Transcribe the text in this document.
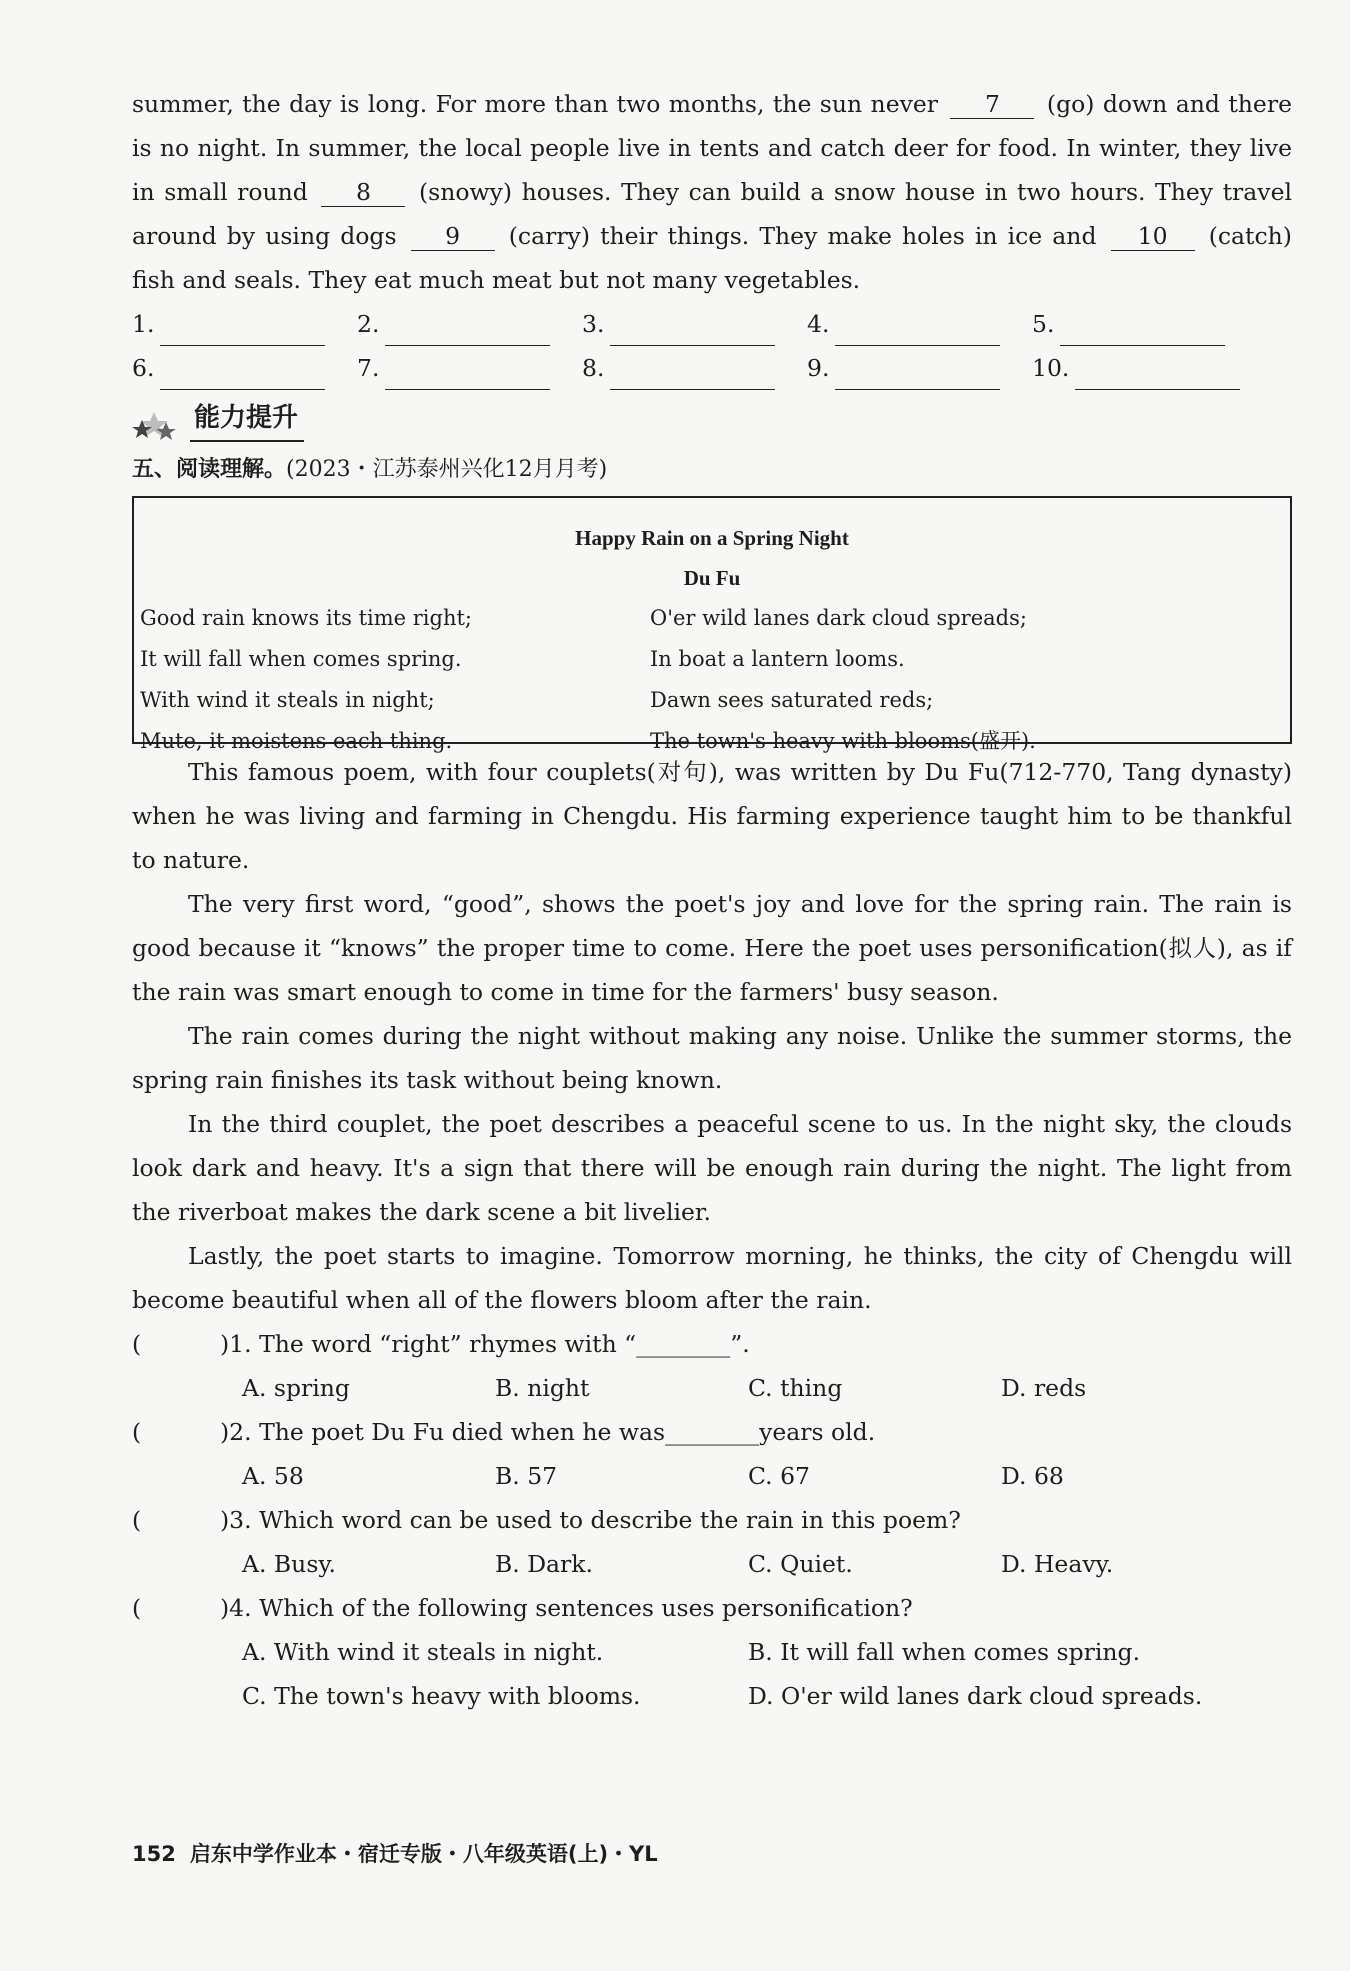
summer, the day is long. For more than two months, the sun never 7 (go) down and there is no night. In summer, the local people live in tents and catch deer for food. In winter, they live in small round 8 (snowy) houses. They can build a snow house in two hours. They travel around by using dogs 9 (carry) their things. They make holes in ice and 10 (catch) fish and seals. They eat much meat but not many vegetables.

1.	2.	3.	4.	5.
6.	7.	8.	9.	10.
能力提升
五、阅读理解。(2023・江苏泰州兴化12月月考)
Happy Rain on a Spring Night
Du Fu
Good rain knows its time right;	O'er wild lanes dark cloud spreads;
It will fall when comes spring.	In boat a lantern looms.
With wind it steals in night;	Dawn sees saturated reds;
Mute, it moistens each thing.	The town's heavy with blooms(盛开).

This famous poem, with four couplets(对句), was written by Du Fu(712-770, Tang dynasty) when he was living and farming in Chengdu. His farming experience taught him to be thankful to nature.

The very first word, “good”, shows the poet's joy and love for the spring rain. The rain is good because it “knows” the proper time to come. Here the poet uses personification(拟人), as if the rain was smart enough to come in time for the farmers' busy season.

The rain comes during the night without making any noise. Unlike the summer storms, the spring rain finishes its task without being known.

In the third couplet, the poet describes a peaceful scene to us. In the night sky, the clouds look dark and heavy. It's a sign that there will be enough rain during the night. The light from the riverboat makes the dark scene a bit livelier.

Lastly, the poet starts to imagine. Tomorrow morning, he thinks, the city of Chengdu will become beautiful when all of the flowers bloom after the rain.

(	) 1. The word “right” rhymes with “ ________ ”.
A. spring	B. night	C. thing	D. reds
(	) 2. The poet Du Fu died when he was ________ years old.
A. 58	B. 57	C. 67	D. 68
(	) 3. Which word can be used to describe the rain in this poem?
A. Busy.	B. Dark.	C. Quiet.	D. Heavy.
(	) 4. Which of the following sentences uses personification?
A. With wind it steals in night.	B. It will fall when comes spring.
C. The town's heavy with blooms.	D. O'er wild lanes dark cloud spreads.
152 启东中学作业本・宿迁专版・八年级英语(上)・YL
